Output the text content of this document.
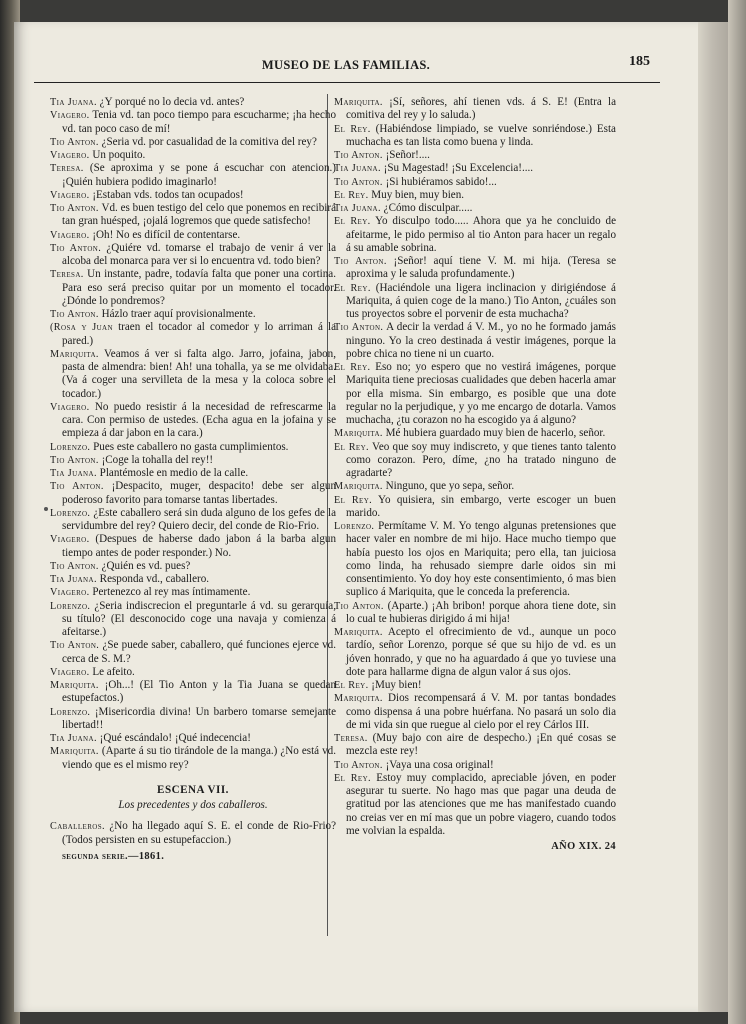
MUSEO DE LAS FAMILIAS.	185

Tia Juana. ¿Y porqué no lo decia vd. antes?

Viagero. Tenia vd. tan poco tiempo para escucharme; ¡ha hecho vd. tan poco caso de mí!

Tio Anton. ¿Seria vd. por casualidad de la comitiva del rey?

Viagero. Un poquito.

Teresa. (Se aproxima y se pone á escuchar con atencion.) ¡Quién hubiera podido imaginarlo!

Viagero. ¡Estaban vds. todos tan ocupados!

Tio Anton. Vd. es buen testigo del celo que ponemos en recibirá tan gran huésped, ¡ojalá logremos que quede satisfecho!

Viagero. ¡Oh! No es difícil de contentarse.

Tio Anton. ¿Quiére vd. tomarse el trabajo de venir á ver la alcoba del monarca para ver si lo encuentra vd. todo bien?

Teresa. Un instante, padre, todavía falta que poner una cortina. Para eso será preciso quitar por un momento el tocador. ¿Dónde lo pondremos?

Tio Anton. Házlo traer aquí provisionalmente.

(Rosa y Juan traen el tocador al comedor y lo arriman á la pared.)

Mariquita. Veamos á ver si falta algo. Jarro, jofaina, jabon, pasta de almendra: bien! Ah! una tohalla, ya se me olvidaba. (Va á coger una servilleta de la mesa y la coloca sobre el tocador.)

Viagero. No puedo resistir á la necesidad de refrescarme la cara. Con permiso de ustedes. (Echa agua en la jofaina y se empieza á dar jabon en la cara.)

Lorenzo. Pues este caballero no gasta cumplimientos.

Tio Anton. ¡Coge la tohalla del rey!!

Tia Juana. Plantémosle en medio de la calle.

Tio Anton. ¡Despacito, muger, despacito! debe ser algun poderoso favorito para tomarse tantas libertades.

Lorenzo. ¿Este caballero será sin duda alguno de los gefes de la servidumbre del rey? Quiero decir, del conde de Rio-Frio.

Viagero. (Despues de haberse dado jabon á la barba algun tiempo antes de poder responder.) No.

Tio Anton. ¿Quién es vd. pues?

Tia Juana. Responda vd., caballero.

Viagero. Pertenezco al rey mas íntimamente.

Lorenzo. ¿Seria indiscrecion el preguntarle á vd. su gerarquía, su título? (El desconocido coge una navaja y comienza á afeitarse.)

Tio Anton. ¿Se puede saber, caballero, qué funciones ejerce vd. cerca de S. M.?

Viagero. Le afeito.

Mariquita. ¡Oh...! (El Tio Anton y la Tia Juana se quedan estupefactos.)

Lorenzo. ¡Misericordia divina! Un barbero tomarse semejante libertad!!

Tia Juana. ¡Qué escándalo! ¡Qué indecencia!

Mariquita. (Aparte á su tio tirándole de la manga.) ¿No está vd. viendo que es el mismo rey?

ESCENA VII.
Los precedentes y dos caballeros.

Caballeros. ¿No ha llegado aquí S. E. el conde de Rio-Frio? (Todos persisten en su estupefaccion.)

segunda serie.—1861.

Mariquita. ¡Sí, señores, ahí tienen vds. á S. E! (Entra la comitiva del rey y lo saluda.)

El Rey. (Habiéndose limpiado, se vuelve sonriéndose.) Esta muchacha es tan lista como buena y linda.

Tio Anton. ¡Señor!....

Tia Juana. ¡Su Magestad! ¡Su Excelencia!....

Tio Anton. ¡Si hubiéramos sabido!...

El Rey. Muy bien, muy bien.

Tia Juana. ¿Cómo disculpar.....

El Rey. Yo disculpo todo..... Ahora que ya he concluido de afeitarme, le pido permiso al tio Anton para hacer un regalo á su amable sobrina.

Tio Anton. ¡Señor! aquí tiene V. M. mi hija. (Teresa se aproxima y le saluda profundamente.)

El Rey. (Haciéndole una ligera inclinacion y dirigiéndose á Mariquita, á quien coge de la mano.) Tio Anton, ¿cuáles son tus proyectos sobre el porvenir de esta muchacha?

Tio Anton. A decir la verdad á V. M., yo no he formado jamás ninguno. Yo la creo destinada á vestir imágenes, porque la pobre chica no tiene ni un cuarto.

El Rey. Eso no; yo espero que no vestirá imágenes, porque Mariquita tiene preciosas cualidades que deben hacerla amar por ella misma. Sin embargo, es posible que una dote regular no la perjudique, y yo me encargo de dotarla. Vamos muchacha, ¿tu corazon no ha escogido ya á alguno?

Mariquita. Mé hubiera guardado muy bien de hacerlo, señor.

El Rey. Veo que soy muy indiscreto, y que tienes tanto talento como corazon. Pero, díme, ¿no ha tratado ninguno de agradarte?

Mariquita. Ninguno, que yo sepa, señor.

El Rey. Yo quisiera, sin embargo, verte escoger un buen marido.

Lorenzo. Permítame V. M. Yo tengo algunas pretensiones que hacer valer en nombre de mi hijo. Hace mucho tiempo que había puesto los ojos en Mariquita; pero ella, tan juiciosa como linda, ha rehusado siempre darle oidos sin mi consentimiento. Yo doy hoy este consentimiento, ó mas bien suplico á Mariquita, que le conceda la preferencia.

Tio Anton. (Aparte.) ¡Ah bribon! porque ahora tiene dote, sin lo cual te hubieras dirigido á mi hija!

Mariquita. Acepto el ofrecimiento de vd., aunque un poco tardío, señor Lorenzo, porque sé que su hijo de vd. es un jóven honrado, y que no ha aguardado á que yo tuviese una dote para hallarme digna de algun valor á sus ojos.

El Rey. ¡Muy bien!

Mariquita. Dios recompensará á V. M. por tantas bondades como dispensa á una pobre huérfana. No pasará un solo dia de mi vida sin que ruegue al cielo por el rey Cárlos III.

Teresa. (Muy bajo con aire de despecho.) ¡En qué cosas se mezcla este rey!

Tio Anton. ¡Vaya una cosa original!

El Rey. Estoy muy complacido, apreciable jóven, en poder asegurar tu suerte. No hago mas que pagar una deuda de gratitud por las atenciones que me has manifestado cuando no creias ver en mí mas que un pobre viagero, cuando todos me volvian la espalda.

AÑO XIX. 24
